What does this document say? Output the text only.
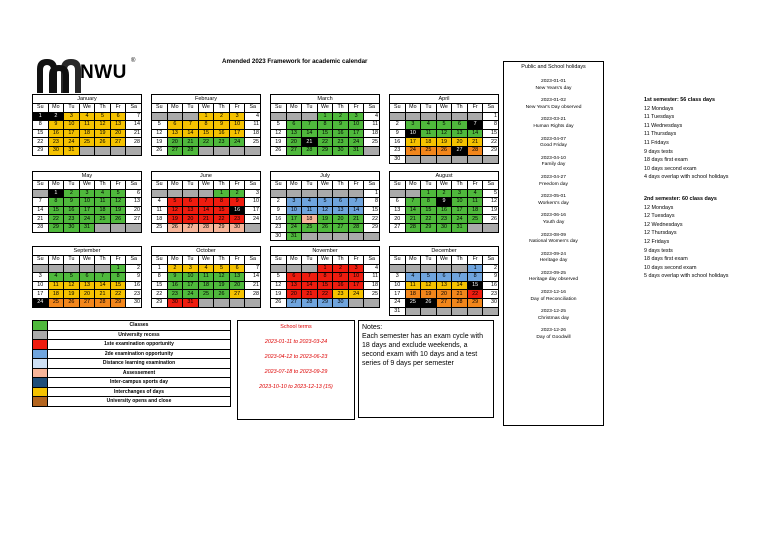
NWU
®	Amended 2023 Framework for academic calendar
January
Su	Mo	Tu	We	Th	Fr	Sa
1	2	3	4	5	6	7
8	9	10	11	12	13	14
15	16	17	18	19	20	21
22	23	24	25	26	27	28
29	30	31				
February
Su	Mo	Tu	We	Th	Fr	Sa
			1	2	3	4
5	6	7	8	9	10	11
12	13	14	15	16	17	18
19	20	21	22	23	24	25
26	27	28				
March
Su	Mo	Tu	We	Th	Fr	Sa
			1	2	3	4
5	6	7	8	9	10	11
12	13	14	15	16	17	18
19	20	21	22	23	24	25
26	27	28	29	30	31	
April
Su	Mo	Tu	We	Th	Fr	Sa
						1
2	3	4	5	6	7	8
9	10	11	12	13	14	15
16	17	18	19	20	21	22
23	24	25	26	27	28	29
30						
May
Su	Mo	Tu	We	Th	Fr	Sa
	1	2	3	4	5	6
7	8	9	10	11	12	13
14	15	16	17	18	19	20
21	22	23	24	25	26	27
28	29	30	31			
June
Su	Mo	Tu	We	Th	Fr	Sa
				1	2	3
4	5	6	7	8	9	10
11	12	13	14	15	16	17
18	19	20	21	22	23	24
25	26	27	28	29	30	
July
Su	Mo	Tu	We	Th	Fr	Sa
						1
2	3	4	5	6	7	8
9	10	11	12	13	14	15
16	17	18	19	20	21	22
23	24	25	26	27	28	29
30	31					
August
Su	Mo	Tu	We	Th	Fr	Sa
		1	2	3	4	5
6	7	8	9	10	11	12
13	14	15	16	17	18	19
20	21	22	23	24	25	26
27	28	29	30	31		
September
Su	Mo	Tu	We	Th	Fr	Sa
					1	2
3	4	5	6	7	8	9
10	11	12	13	14	15	16
17	18	19	20	21	22	23
24	25	26	27	28	29	30
October
Su	Mo	Tu	We	Th	Fr	Sa
1	2	3	4	5	6	7
8	9	10	11	12	13	14
15	16	17	18	19	20	21
22	23	24	25	26	27	28
29	30	31				
November
Su	Mo	Tu	We	Th	Fr	Sa
			1	2	3	4
5	6	7	8	9	10	11
12	13	14	15	16	17	18
19	20	21	22	23	24	25
26	27	28	29	30		
December
Su	Mo	Tu	We	Th	Fr	Sa
					1	2
3	4	5	6	7	8	9
10	11	12	13	14	15	16
17	18	19	20	21	22	23
24	25	26	27	28	29	30
31						
	Classes
	University recess
	1ste examination opportunity
	2de examination opportunity
	Distance learning examination
	Assessement
	Inter-campus sports day
	Interchanges of days
	University opens and close
School terms
2023-01-11 to 2023-03-24
2023-04-12 to 2023-06-23
2023-07-18 to 2023-09-29
2023-10-10 to 2023-12-13 (15)
Notes:
Each semester has an exam cycle with 18 days and exclude weekends, a second exam with 10 days and a test series of 9 days per semester
Public and School holidays
2023-01-01
New Years's day
2023-01-02
New Year's Day observed
2023-03-21
Human Rights day
2023-04-07
Good Friday
2023-04-10
Family day
2023-04-27
Freedom day
2023-05-01
Workers's day
2023-06-16
Youth day
2023-08-09
National Women's day
2023-09-24
Heritage day
2023-09-25
Heritage day observed
2023-12-16
Day of Reconciliation
2023-12-25
Christmas day
2023-12-26
Day of Goodwill
1st semester: 56 class days
12 Mondays
11 Tuesdays
11 Wednesdays
11 Thursdays
11 Fridays
9 days tests
18 days first exam
10 days second exam
4 days overlap with school holidays
2nd semester: 60 class days
12 Mondays
12 Tuesdays
12 Wednesdays
12 Thursdays
12 Fridays
9 days tests
18 days first exam
10 days second exam
5 days overlap with school holidays
